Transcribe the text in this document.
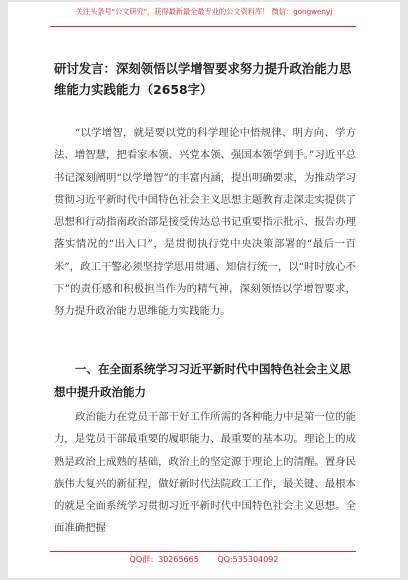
关注头条号"公文研究"，获得最新最全最专业的公文资料库！ 微信：gongwenyj
研讨发言：深刻领悟以学增智要求努力提升政治能力思维能力实践能力（2658字）

“以学增智，就是要以党的科学理论中悟规律、明方向、学方法、增智慧，把看家本领、兴党本领、强国本领学到手。”习近平总书记深刻阐明“以学增智”的丰富内涵，提出明确要求，为推动学习贯彻习近平新时代中国特色社会主义思想主题教育走深走实提供了思想和行动指南政治部是接受传达总书记重要指示批示、报告办理落实情况的“出入口”，是贯彻执行党中央决策部署的“最后一百米”，政工干警必须坚持学思用贯通、知信行统一，以“时时放心不下”的责任感和积极担当作为的精气神，深刻领悟以学增智要求，努力提升政治能力思维能力实践能力。

一、在全面系统学习习近平新时代中国特色社会主义思想中提升政治能力

政治能力在党员干部干好工作所需的各种能力中是第一位的能力，是党员干部最重要的履职能力、最重要的基本功。理论上的成熟是政治上成熟的基础，政治上的坚定源于理论上的清醒。置身民族伟大复兴的新征程，做好新时代法院政工工作，最关键、最根本的就是全面系统学习贯彻习近平新时代中国特色社会主义思想。全面准确把握

QQ群：30265665 QQ:535304092
